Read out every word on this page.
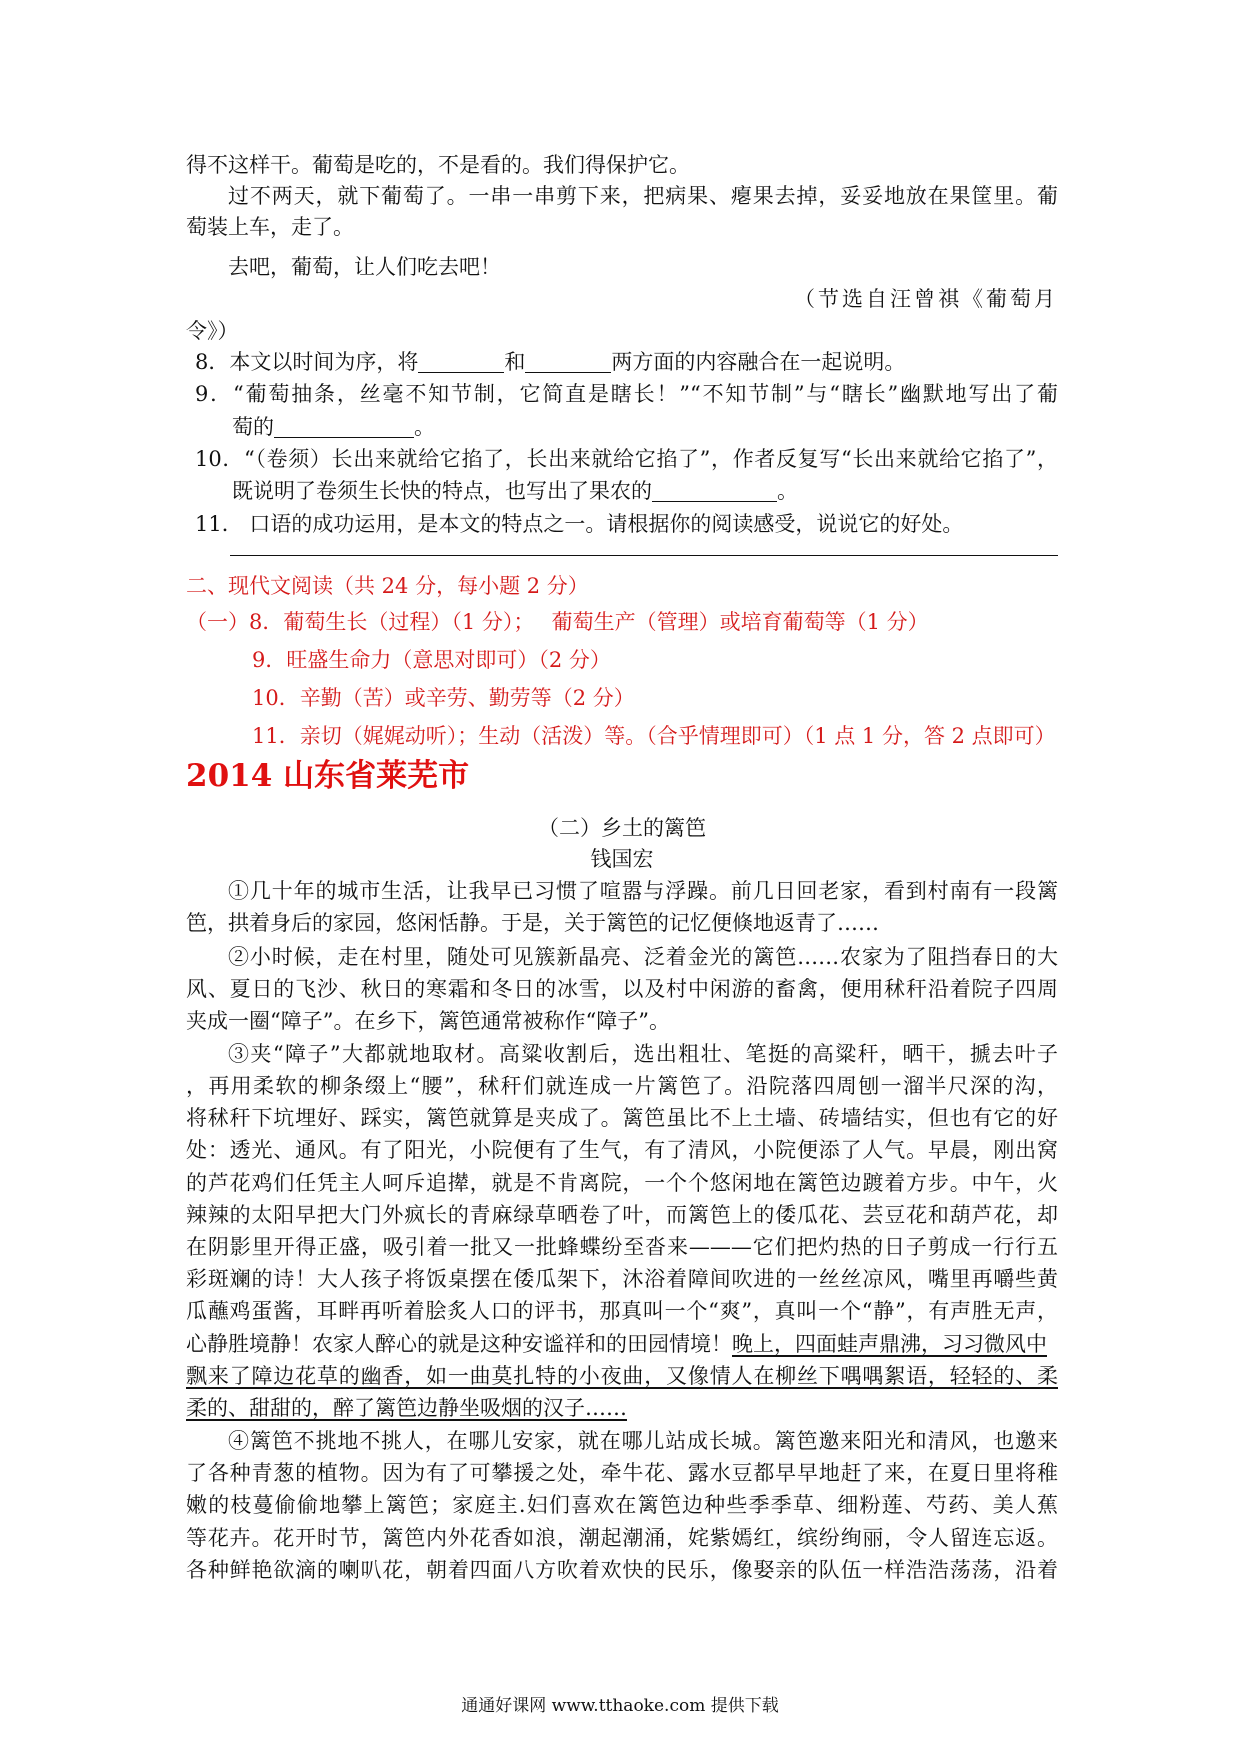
得不这样干。葡萄是吃的，不是看的。我们得保护它。
过不两天，就下葡萄了。一串一串剪下来，把病果、瘪果去掉，妥妥地放在果筐里。葡
萄装上车，走了。
去吧，葡萄，让人们吃去吧！
（节选自汪曾祺《葡萄月
令》）
8．本文以时间为序，将	和	两方面的内容融合在一起说明。
9．“葡萄抽条，丝毫不知节制，它简直是瞎长！”“不知节制”与“瞎长”幽默地写出了葡
萄的	。
10．“（卷须）长出来就给它掐了，长出来就给它掐了”，作者反复写“长出来就给它掐了”，
既说明了卷须生长快的特点，也写出了果农的	。
11． 口语的成功运用，是本文的特点之一。请根据你的阅读感受，说说它的好处。
二、现代文阅读（共 24 分，每小题 2 分）
（一）8．葡萄生长（过程）（1 分）；　 葡萄生产（管理）或培育葡萄等（1 分）
9．旺盛生命力（意思对即可）（2 分）
10．辛勤（苦）或辛劳、勤劳等（2 分）
11．亲切（娓娓动听）；生动（活泼）等。（合乎情理即可）（1 点 1 分，答 2 点即可）
2014 山东省莱芜市
（二）乡土的篱笆
钱国宏
①几十年的城市生活，让我早已习惯了喧嚣与浮躁。前几日回老家，看到村南有一段篱
笆，拱着身后的家园，悠闲恬静。于是，关于篱笆的记忆便倏地返青了……
②小时候，走在村里，随处可见簇新晶亮、泛着金光的篱笆……农家为了阻挡春日的大
风、夏日的飞沙、秋日的寒霜和冬日的冰雪，以及村中闲游的畜禽，便用秫秆沿着院子四周
夹成一圈“障子”。在乡下，篱笆通常被称作“障子”。
③夹“障子”大都就地取材。高粱收割后，选出粗壮、笔挺的高粱秆，晒干，搋去叶子
，再用柔软的柳条缀上“腰”，秫秆们就连成一片篱笆了。沿院落四周刨一溜半尺深的沟，
将秫秆下坑埋好、踩实，篱笆就算是夹成了。篱笆虽比不上土墙、砖墙结实，但也有它的好
处：透光、通风。有了阳光，小院便有了生气，有了清风，小院便添了人气。早晨，刚出窝
的芦花鸡们任凭主人呵斥追撵，就是不肯离院，一个个悠闲地在篱笆边踱着方步。中午，火
辣辣的太阳早把大门外疯长的青麻绿草晒卷了叶，而篱笆上的倭瓜花、芸豆花和葫芦花，却
在阴影里开得正盛，吸引着一批又一批蜂蝶纷至沓来———它们把灼热的日子剪成一行行五
彩斑斓的诗！大人孩子将饭桌摆在倭瓜架下，沐浴着障间吹进的一丝丝凉风，嘴里再嚼些黄
瓜蘸鸡蛋酱，耳畔再听着脍炙人口的评书，那真叫一个“爽”，真叫一个“静”，有声胜无声，
心静胜境静！农家人醉心的就是这种安谧祥和的田园情境！晚上，四面蛙声鼎沸，习习微风中
飘来了障边花草的幽香，如一曲莫扎特的小夜曲，又像情人在柳丝下喁喁絮语，轻轻的、柔
柔的、甜甜的，醉了篱笆边静坐吸烟的汉子……
④篱笆不挑地不挑人，在哪儿安家，就在哪儿站成长城。篱笆邀来阳光和清风，也邀来
了各种青葱的植物。因为有了可攀援之处，牵牛花、露水豆都早早地赶了来，在夏日里将稚
嫩的枝蔓偷偷地攀上篱笆；家庭主.妇们喜欢在篱笆边种些季季草、细粉莲、芍药、美人蕉
等花卉。花开时节，篱笆内外花香如浪，潮起潮涌，姹紫嫣红，缤纷绚丽，令人留连忘返。
各种鲜艳欲滴的喇叭花，朝着四面八方吹着欢快的民乐，像娶亲的队伍一样浩浩荡荡，沿着
通通好课网 www.tthaoke.com 提供下载
